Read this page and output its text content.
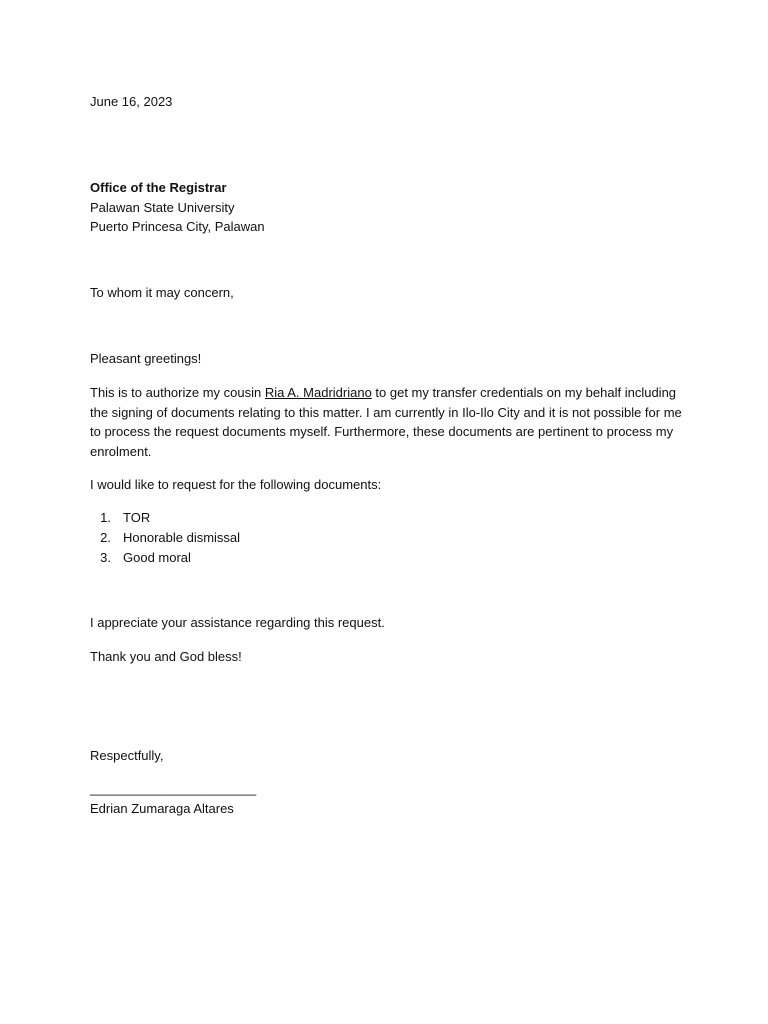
June 16, 2023
Office of the Registrar
Palawan State University
Puerto Princesa City, Palawan
To whom it may concern,
Pleasant greetings!
This is to authorize my cousin Ria A. Madridriano to get my transfer credentials on my behalf including
the signing of documents relating to this matter. I am currently in Ilo-Ilo City and it is not possible for me
to process the request documents myself. Furthermore, these documents are pertinent to process my
enrolment.
I would like to request for the following documents:
1. TOR
2. Honorable dismissal
3. Good moral
I appreciate your assistance regarding this request.
Thank you and God bless!
Respectfully,
_______________________
Edrian Zumaraga Altares
